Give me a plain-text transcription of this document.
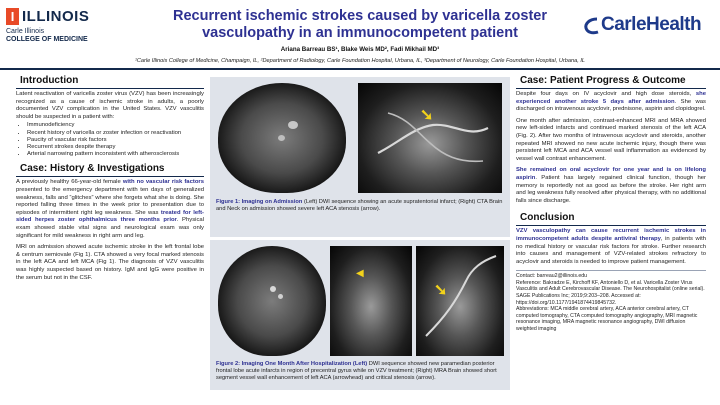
I ILLINOIS
Carle Illinois
COLLEGE OF MEDICINE
Recurrent ischemic strokes caused by varicella zoster vasculopathy in an immunocompetent patient
Ariana Barreau BS¹, Blake Weis MD², Fadi Mikhail MD³
¹Carle Illinois College of Medicine, Champaign, IL, ²Department of Radiology, Carle Foundation Hospital, Urbana, IL, ³Department of Neurology, Carle Foundation Hospital, Urbana, IL
CarleHealth
Introduction
Latent reactivation of varicella zoster virus (VZV) has been increasingly recognized as a cause of ischemic stroke in adults, a poorly documented VZV complication in the United States. VZV vasculitis should be suspected in a patient with:
• Immunodeficiency
• Recent history of varicella or zoster infection or reactivation
• Paucity of vascular risk factors
• Recurrent strokes despite therapy
• Arterial narrowing pattern inconsistent with atherosclerosis
Case: History & Investigations
A previously healthy 66-year-old female with no vascular risk factors presented to the emergency department with ten days of generalized weakness, falls and “glitches” where she forgets what she is doing. She reported falling three times in the week prior to presentation due to episodes of intermittent right leg weakness. She was treated for left-sided herpes zoster ophthalmicus three months prior. Physical exam showed stable vital signs and neurological exam was only significant for mild weakness in right arm and leg.
MRI on admission showed acute ischemic stroke in the left frontal lobe & centrum semiovale (Fig 1). CTA showed a very focal marked stenosis in the left ACA and left MCA (Fig 1). The diagnosis of VZV vasculitis was highly suspected based on history. IgM and IgG were positive in the serum but not in the CSF.
➘
Figure 1: Imaging on Admission (Left) DWI sequence showing an acute supratentorial infarct; (Right) CTA Brain and Neck on admission showed severe left ACA stenosis (arrow).
◀
➘
Figure 2: Imaging One Month After Hospitalization (Left) DWI sequence showed new paramedian posterior frontal lobe acute infarcts in region of precentral gyrus while on VZV treatment; (Right) MRA Brain showed short segment vessel wall enhancement of left ACA (arrowhead) and critical stenosis (arrow).
Case: Patient Progress & Outcome
Despite four days on IV acyclovir and high dose steroids, she experienced another stroke 5 days after admission. She was discharged on intravenous acyclovir, prednisone, aspirin and clopidogrel.
One month after admission, contrast-enhanced MRI and MRA showed new left-sided infarcts and continued marked stenosis of the left ACA (Fig. 2). After two months of intravenous acyclovir and steroids, another repeated MRI showed no new acute ischemic injury, though there was persistent left MCA and ACA vessel wall inflammation as evidenced by vessel wall contrast enhancement.
She remained on oral acyclovir for one year and is on lifelong aspirin. Patient has largely regained clinical function, though her memory is reportedly not as good as before the stroke. Her right arm and leg weakness fully resolved after physical therapy, with no additional falls since discharge.
Conclusion
VZV vasculopathy can cause recurrent ischemic strokes in immunocompetent adults despite antiviral therapy, in patients with no medical history or vascular risk factors for stroke. Further research into causes and management of VZV-related strokes refractory to acyclovir and steroids is needed to improve patient management.
Contact: barreau2@illinois.edu
Reference: Bakradze E, Kirchoff KF, Antoniello D, et al. Varicella Zoster Virus Vasculitis and Adult Cerebrovascular Disease. The Neurohospitalist (online serial). SAGE Publications Inc; 2019;9:203–208. Accessed at: https://doi.org/10.1177/1941874419845732.
Abbreviations: MCA middle cerebral artery, ACA anterior cerebral artery, CT computed tomography, CTA computed tomography angiography, MRI magnetic resonance imaging, MRA magnetic resonance angiography, DWI diffusion weighted imaging
